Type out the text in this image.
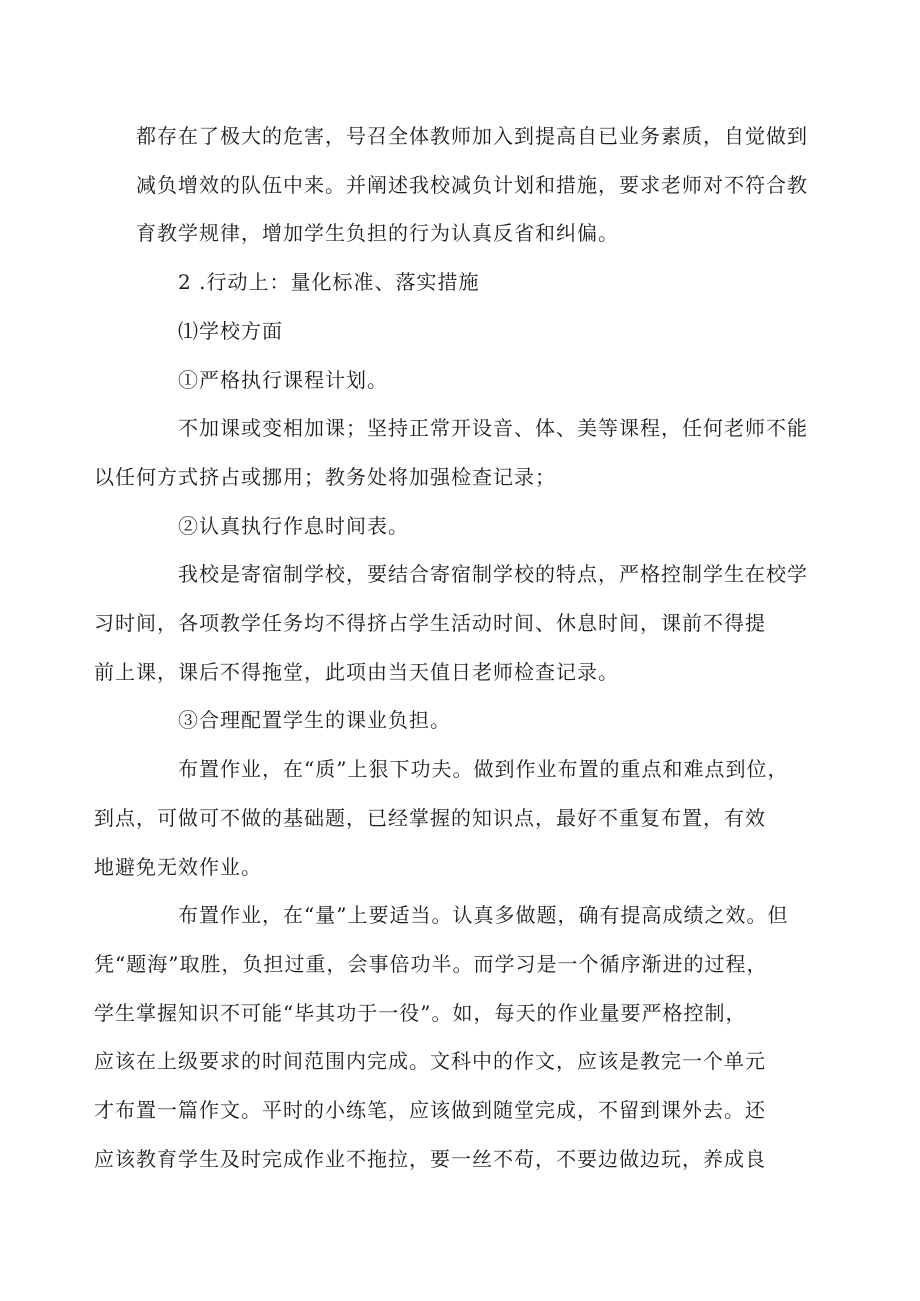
都存在了极大的危害，号召全体教师加入到提高自已业务素质，自觉做到
减负增效的队伍中来。并阐述我校减负计划和措施，要求老师对不符合教
育教学规律，增加学生负担的行为认真反省和纠偏。

2 .行动上：量化标准、落实措施

⑴学校方面

①严格执行课程计划。

不加课或变相加课；坚持正常开设音、体、美等课程，任何老师不能
以任何方式挤占或挪用；教务处将加强检查记录；

②认真执行作息时间表。

我校是寄宿制学校，要结合寄宿制学校的特点，严格控制学生在校学
习时间，各项教学任务均不得挤占学生活动时间、休息时间，课前不得提
前上课，课后不得拖堂，此项由当天值日老师检查记录。

③合理配置学生的课业负担。

布置作业，在“质”上狠下功夫。做到作业布置的重点和难点到位，
到点，可做可不做的基础题，已经掌握的知识点，最好不重复布置，有效
地避免无效作业。

布置作业，在“量”上要适当。认真多做题，确有提高成绩之效。但
凭“题海”取胜，负担过重，会事倍功半。而学习是一个循序渐进的过程，
学生掌握知识不可能“毕其功于一役”。如，每天的作业量要严格控制，
应该在上级要求的时间范围内完成。文科中的作文，应该是教完一个单元
才布置一篇作文。平时的小练笔，应该做到随堂完成，不留到课外去。还
应该教育学生及时完成作业不拖拉，要一丝不苟，不要边做边玩，养成良
